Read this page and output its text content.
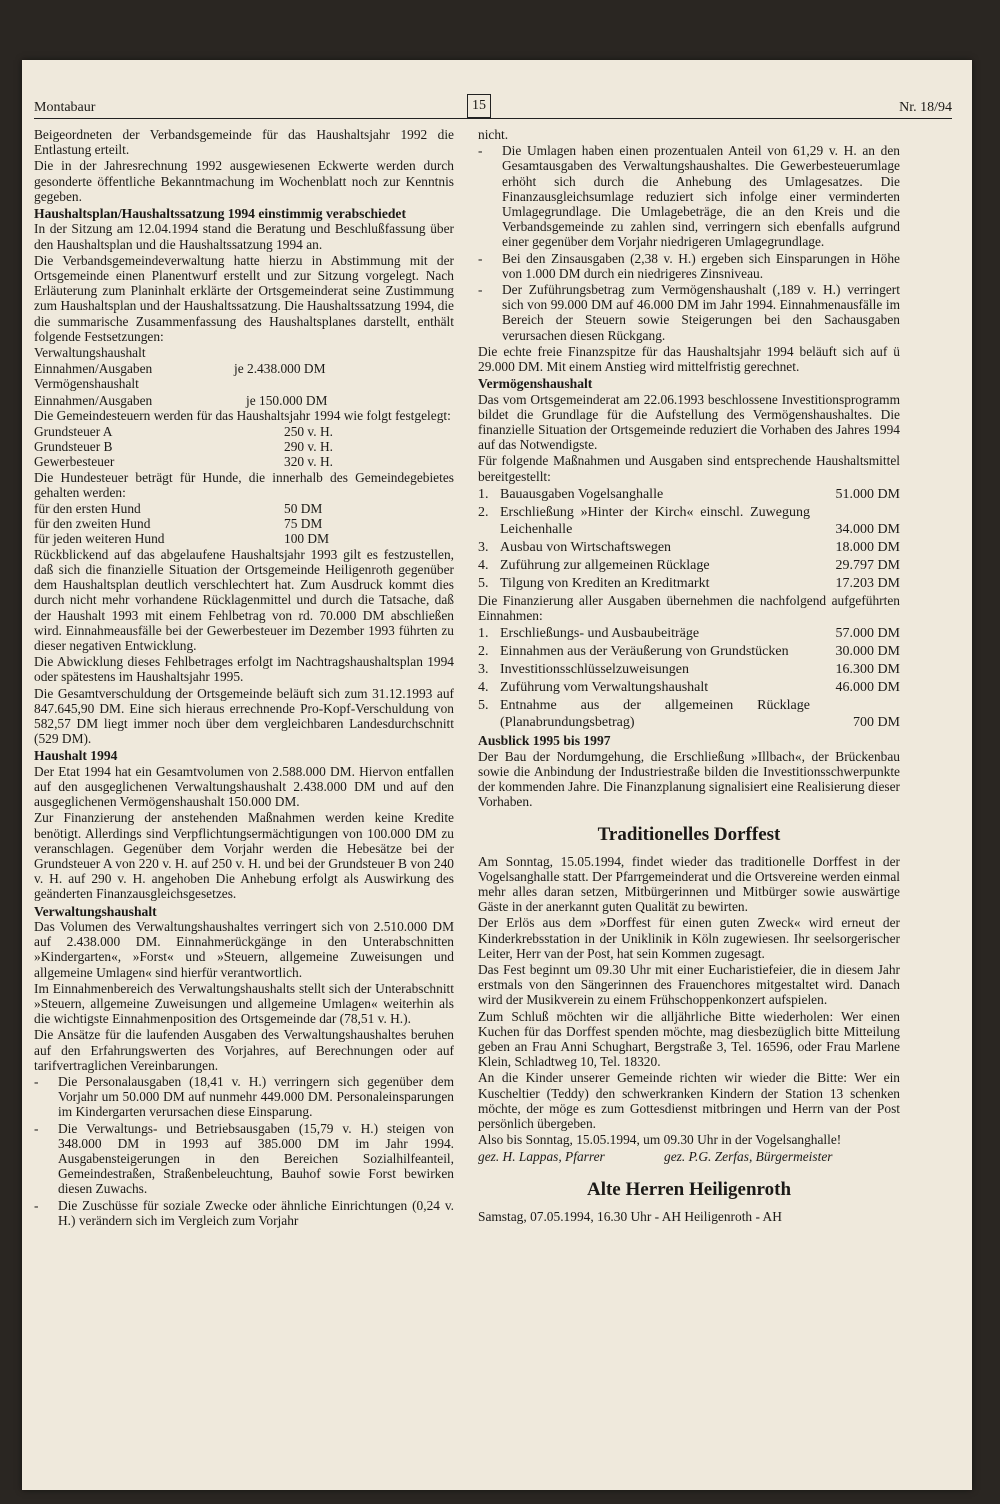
Montabaur	15	Nr. 18/94

Beigeordneten der Verbandsgemeinde für das Haushaltsjahr 1992 die Entlastung erteilt.

Die in der Jahresrechnung 1992 ausgewiesenen Eckwerte werden durch gesonderte öffentliche Bekanntmachung im Wochenblatt noch zur Kenntnis gegeben.

Haushaltsplan/Haushaltssatzung 1994 einstimmig verabschiedet

In der Sitzung am 12.04.1994 stand die Beratung und Beschlußfassung über den Haushaltsplan und die Haushaltssatzung 1994 an.

Die Verbandsgemeindeverwaltung hatte hierzu in Abstimmung mit der Ortsgemeinde einen Planentwurf erstellt und zur Sitzung vorgelegt. Nach Erläuterung zum Planinhalt erklärte der Ortsgemeinderat seine Zustimmung zum Haushaltsplan und der Haushaltssatzung. Die Haushaltssatzung 1994, die die summarische Zusammenfassung des Haushaltsplanes darstellt, enthält folgende Festsetzungen:

Verwaltungshaushalt

Einnahmen/Ausgaben	je 2.438.000 DM

Vermögenshaushalt

Einnahmen/Ausgaben	je 150.000 DM

Die Gemeindesteuern werden für das Haushaltsjahr 1994 wie folgt festgelegt:

Grundsteuer A	250 v. H.
Grundsteuer B	290 v. H.
Gewerbesteuer	320 v. H.

Die Hundesteuer beträgt für Hunde, die innerhalb des Gemeindegebietes gehalten werden:

für den ersten Hund	50 DM
für den zweiten Hund	75 DM
für jeden weiteren Hund	100 DM

Rückblickend auf das abgelaufene Haushaltsjahr 1993 gilt es festzustellen, daß sich die finanzielle Situation der Ortsgemeinde Heiligenroth gegenüber dem Haushaltsplan deutlich verschlechtert hat. Zum Ausdruck kommt dies durch nicht mehr vorhandene Rücklagenmittel und durch die Tatsache, daß der Haushalt 1993 mit einem Fehlbetrag von rd. 70.000 DM abschließen wird. Einnahmeausfälle bei der Gewerbesteuer im Dezember 1993 führten zu dieser negativen Entwicklung.

Die Abwicklung dieses Fehlbetrages erfolgt im Nachtragshaushaltsplan 1994 oder spätestens im Haushaltsjahr 1995.

Die Gesamtverschuldung der Ortsgemeinde beläuft sich zum 31.12.1993 auf 847.645,90 DM. Eine sich hieraus errechnende Pro-Kopf-Verschuldung von 582,57 DM liegt immer noch über dem vergleichbaren Landesdurchschnitt (529 DM).

Haushalt 1994

Der Etat 1994 hat ein Gesamtvolumen von 2.588.000 DM. Hiervon entfallen auf den ausgeglichenen Verwaltungshaushalt 2.438.000 DM und auf den ausgeglichenen Vermögenshaushalt 150.000 DM.

Zur Finanzierung der anstehenden Maßnahmen werden keine Kredite benötigt. Allerdings sind Verpflichtungsermächtigungen von 100.000 DM zu veranschlagen. Gegenüber dem Vorjahr werden die Hebesätze bei der Grundsteuer A von 220 v. H. auf 250 v. H. und bei der Grundsteuer B von 240 v. H. auf 290 v. H. angehoben Die Anhebung erfolgt als Auswirkung des geänderten Finanzausgleichsgesetzes.

Verwaltungshaushalt

Das Volumen des Verwaltungshaushaltes verringert sich von 2.510.000 DM auf 2.438.000 DM. Einnahmerückgänge in den Unterabschnitten »Kindergarten«, »Forst« und »Steuern, allgemeine Zuweisungen und allgemeine Umlagen« sind hierfür verantwortlich.

Im Einnahmenbereich des Verwaltungshaushalts stellt sich der Unterabschnitt »Steuern, allgemeine Zuweisungen und allgemeine Umlagen« weiterhin als die wichtigste Einnahmenposition des Ortsgemeinde dar (78,51 v. H.).

Die Ansätze für die laufenden Ausgaben des Verwaltungshaushaltes beruhen auf den Erfahrungswerten des Vorjahres, auf Berechnungen oder auf tarifvertraglichen Vereinbarungen.

-	Die Personalausgaben (18,41 v. H.) verringern sich gegenüber dem Vorjahr um 50.000 DM auf nunmehr 449.000 DM. Personaleinsparungen im Kindergarten verursachen diese Einsparung.
-	Die Verwaltungs- und Betriebsausgaben (15,79 v. H.) steigen von 348.000 DM in 1993 auf 385.000 DM im Jahr 1994. Ausgabensteigerungen in den Bereichen Sozialhilfeanteil, Gemeindestraßen, Straßenbeleuchtung, Bauhof sowie Forst bewirken diesen Zuwachs.
-	Die Zuschüsse für soziale Zwecke oder ähnliche Einrichtungen (0,24 v. H.) verändern sich im Vergleich zum Vorjahr

nicht.

-	Die Umlagen haben einen prozentualen Anteil von 61,29 v. H. an den Gesamtausgaben des Verwaltungshaushaltes. Die Gewerbesteuerumlage erhöht sich durch die Anhebung des Umlagesatzes. Die Finanzausgleichsumlage reduziert sich infolge einer verminderten Umlagegrundlage. Die Umlagebeträge, die an den Kreis und die Verbandsgemeinde zu zahlen sind, verringern sich ebenfalls aufgrund einer gegenüber dem Vorjahr niedrigeren Umlagegrundlage.
-	Bei den Zinsausgaben (2,38 v. H.) ergeben sich Einsparungen in Höhe von 1.000 DM durch ein niedrigeres Zinsniveau.
-	Der Zuführungsbetrag zum Vermögenshaushalt (,189 v. H.) verringert sich von 99.000 DM auf 46.000 DM im Jahr 1994. Einnahmenausfälle im Bereich der Steuern sowie Steigerungen bei den Sachausgaben verursachen diesen Rückgang.

Die echte freie Finanzspitze für das Haushaltsjahr 1994 beläuft sich auf ü 29.000 DM. Mit einem Anstieg wird mittelfristig gerechnet.

Vermögenshaushalt

Das vom Ortsgemeinderat am 22.06.1993 beschlossene Investitionsprogramm bildet die Grundlage für die Aufstellung des Vermögenshaushaltes. Die finanzielle Situation der Ortsgemeinde reduziert die Vorhaben des Jahres 1994 auf das Notwendigste.

Für folgende Maßnahmen und Ausgaben sind entsprechende Haushaltsmittel bereitgestellt:

1. Bauausgaben Vogelsanghalle	51.000 DM
2. Erschließung »Hinter der Kirch« einschl. Zuwegung Leichenhalle	34.000 DM
3. Ausbau von Wirtschaftswegen	18.000 DM
4. Zuführung zur allgemeinen Rücklage	29.797 DM
5. Tilgung von Krediten an Kreditmarkt	17.203 DM

Die Finanzierung aller Ausgaben übernehmen die nachfolgend aufgeführten Einnahmen:

1. Erschließungs- und Ausbaubeiträge	57.000 DM
2. Einnahmen aus der Veräußerung von Grundstücken	30.000 DM
3. Investitionsschlüsselzuweisungen	16.300 DM
4. Zuführung vom Verwaltungshaushalt	46.000 DM
5. Entnahme aus der allgemeinen Rücklage (Planabrundungsbetrag)	700 DM
Ausblick 1995 bis 1997

Der Bau der Nordumgehung, die Erschließung »Illbach«, der Brückenbau sowie die Anbindung der Industriestraße bilden die Investitionsschwerpunkte der kommenden Jahre. Die Finanzplanung signalisiert eine Realisierung dieser Vorhaben.

Traditionelles Dorffest

Am Sonntag, 15.05.1994, findet wieder das traditionelle Dorffest in der Vogelsanghalle statt. Der Pfarrgemeinderat und die Ortsvereine werden einmal mehr alles daran setzen, Mitbürgerinnen und Mitbürger sowie auswärtige Gäste in der anerkannt guten Qualität zu bewirten.

Der Erlös aus dem »Dorffest für einen guten Zweck« wird erneut der Kinderkrebsstation in der Uniklinik in Köln zugewiesen. Ihr seelsorgerischer Leiter, Herr van der Post, hat sein Kommen zugesagt.

Das Fest beginnt um 09.30 Uhr mit einer Eucharistiefeier, die in diesem Jahr erstmals von den Sängerinnen des Frauenchores mitgestaltet wird. Danach wird der Musikverein zu einem Frühschoppenkonzert aufspielen.

Zum Schluß möchten wir die alljährliche Bitte wiederholen: Wer einen Kuchen für das Dorffest spenden möchte, mag diesbezüglich bitte Mitteilung geben an Frau Anni Schughart, Bergstraße 3, Tel. 16596, oder Frau Marlene Klein, Schladtweg 10, Tel. 18320.

An die Kinder unserer Gemeinde richten wir wieder die Bitte: Wer ein Kuscheltier (Teddy) den schwerkranken Kindern der Station 13 schenken möchte, der möge es zum Gottesdienst mitbringen und Herrn van der Post persönlich übergeben.

Also bis Sonntag, 15.05.1994, um 09.30 Uhr in der Vogelsanghalle!

gez. H. Lappas, Pfarrer	gez. P.G. Zerfas, Bürgermeister
Alte Herren Heiligenroth

Samstag, 07.05.1994, 16.30 Uhr - AH Heiligenroth - AH
